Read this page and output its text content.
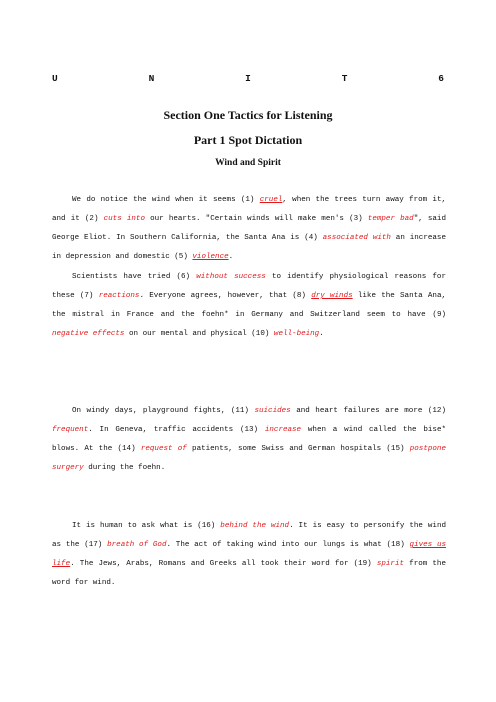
U	N	I	T	6
Section One Tactics for Listening
Part 1 Spot Dictation
Wind and Spirit

We do notice the wind when it seems (1) cruel, when the trees turn away from it, and it (2) cuts into our hearts. "Certain winds will make men's (3) temper bad", said George Eliot. In Southern California, the Santa Ana is (4) associated with an increase in depression and domestic (5) violence.

Scientists have tried (6) without success to identify physiological reasons for these (7) reactions. Everyone agrees, however, that (8) dry winds like the Santa Ana, the mistral in France and the foehn* in Germany and Switzerland seem to have (9) negative effects on our mental and physical (10) well-being.

On windy days, playground fights, (11) suicides and heart failures are more (12) frequent. In Geneva, traffic accidents (13) increase when a wind called the bise* blows. At the (14) request of patients, some Swiss and German hospitals (15) postpone surgery during the foehn.

It is human to ask what is (16) behind the wind. It is easy to personify the wind as the (17) breath of God. The act of taking wind into our lungs is what (18) gives us life. The Jews, Arabs, Romans and Greeks all took their word for (19) spirit from the word for wind.
